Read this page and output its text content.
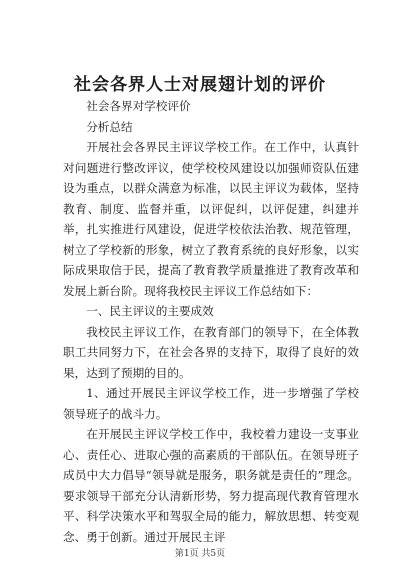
社会各界人士对展翅计划的评价

社会各界对学校评价

分析总结

开展社会各界民主评议学校工作。在工作中，认真针对问题进行整改评议，使学校校风建设以加强师资队伍建设为重点，以群众满意为标准，以民主评议为载体，坚持教育、制度、监督并重，以评促纠，以评促建，纠建并举，扎实推进行风建设，促进学校依法治教、规范管理，树立了学校新的形象，树立了教育系统的良好形象，以实际成果取信于民，提高了教育教学质量推进了教育改革和发展上新台阶。现将我校民主评议工作总结如下：

一、民主评议的主要成效

我校民主评议工作，在教育部门的领导下，在全体教职工共同努力下，在社会各界的支持下，取得了良好的效果，达到了预期的目的。

1、通过开展民主评议学校工作，进一步增强了学校领导班子的战斗力。

在开展民主评议学校工作中，我校着力建设一支事业心、责任心、进取心强的高素质的干部队伍。在领导班子成员中大力倡导“领导就是服务，职务就是责任的”理念。要求领导干部充分认清新形势，努力提高现代教育管理水平、科学决策水平和驾驭全局的能力，解放思想、转变观念、勇于创新。通过开展民主评

第1页 共5页
